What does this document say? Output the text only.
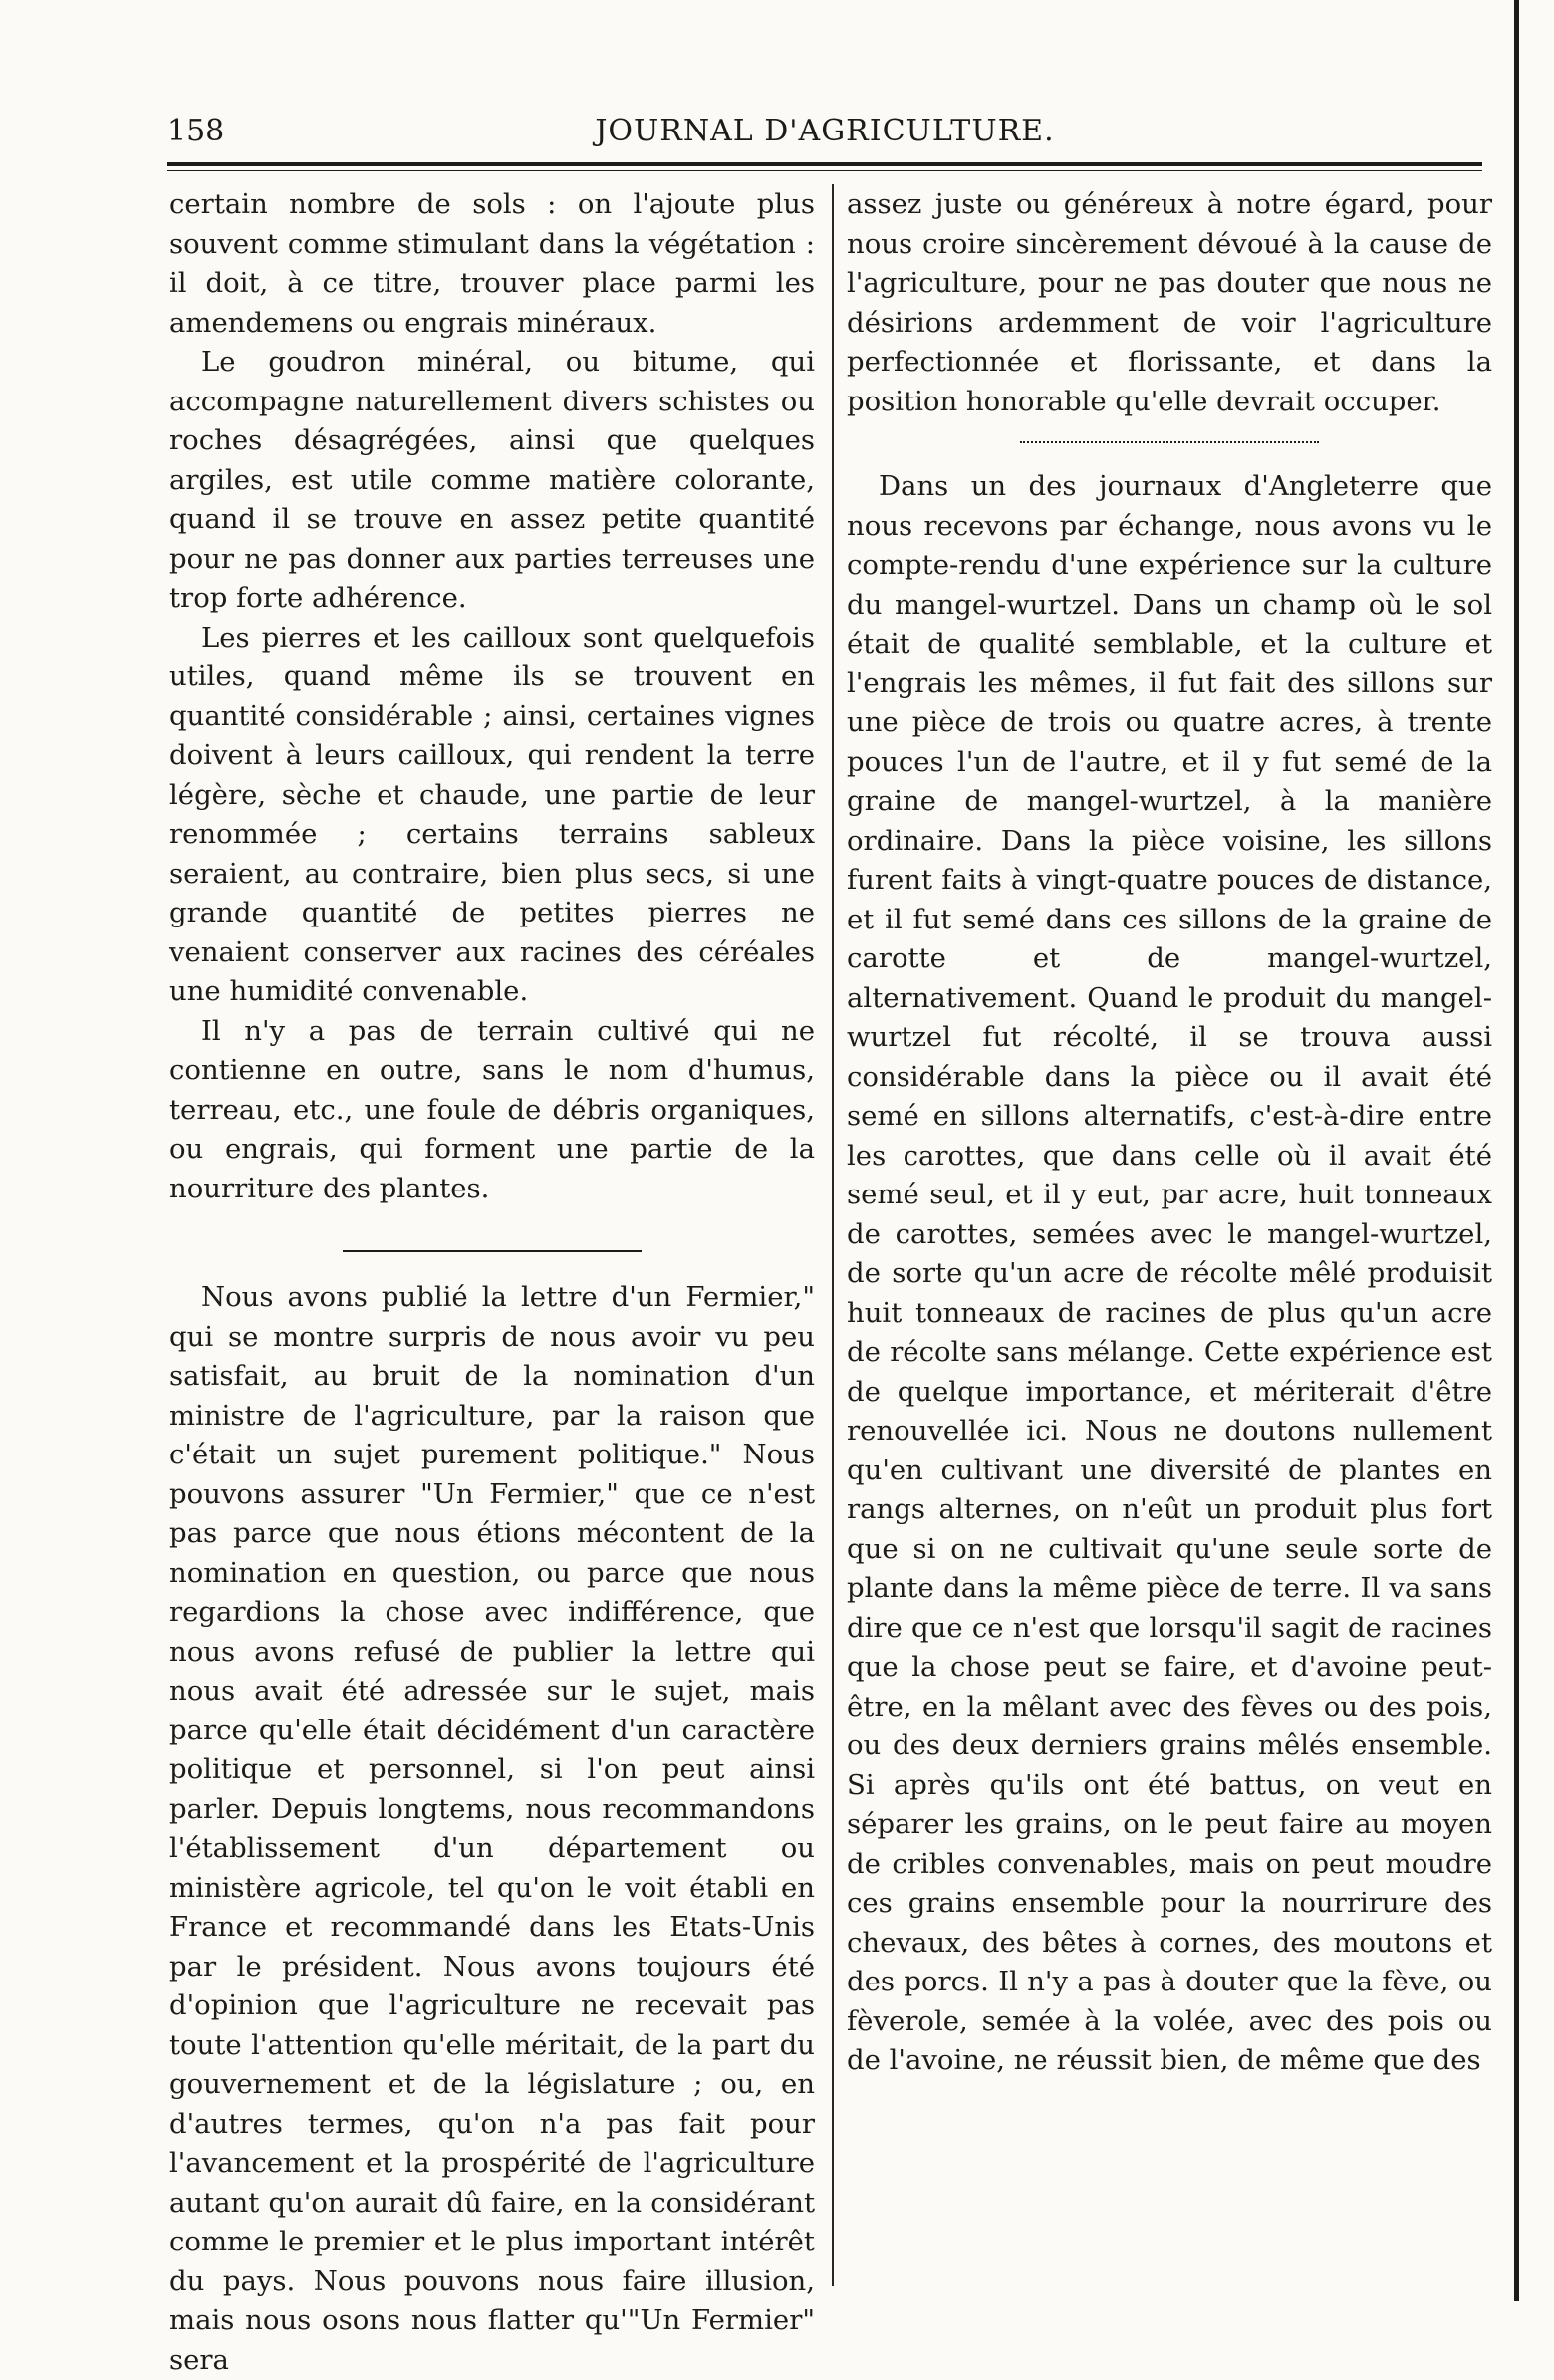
158	JOURNAL D'AGRICULTURE.

certain nombre de sols : on l'ajoute plus souvent comme stimulant dans la végétation : il doit, à ce titre, trouver place parmi les amendemens ou engrais minéraux.

Le goudron minéral, ou bitume, qui accompagne naturellement divers schistes ou roches désagrégées, ainsi que quelques argiles, est utile comme matière colorante, quand il se trouve en assez petite quantité pour ne pas donner aux parties terreuses une trop forte adhérence.

Les pierres et les cailloux sont quelquefois utiles, quand même ils se trouvent en quantité considérable ; ainsi, certaines vignes doivent à leurs cailloux, qui rendent la terre légère, sèche et chaude, une partie de leur renommée ; certains terrains sableux seraient, au contraire, bien plus secs, si une grande quantité de petites pierres ne venaient conserver aux racines des céréales une humidité convenable.

Il n'y a pas de terrain cultivé qui ne contienne en outre, sans le nom d'humus, terreau, etc., une foule de débris organiques, ou engrais, qui forment une partie de la nourriture des plantes.

Nous avons publié la lettre d'un Fermier," qui se montre surpris de nous avoir vu peu satisfait, au bruit de la nomination d'un ministre de l'agriculture, par la raison que c'était un sujet purement politique." Nous pouvons assurer "Un Fermier," que ce n'est pas parce que nous étions mécontent de la nomination en question, ou parce que nous regardions la chose avec indifférence, que nous avons refusé de publier la lettre qui nous avait été adressée sur le sujet, mais parce qu'elle était décidément d'un caractère politique et personnel, si l'on peut ainsi parler. Depuis longtems, nous recommandons l'établissement d'un département ou ministère agricole, tel qu'on le voit établi en France et recommandé dans les Etats-Unis par le président. Nous avons toujours été d'opinion que l'agriculture ne recevait pas toute l'attention qu'elle méritait, de la part du gouvernement et de la législature ; ou, en d'autres termes, qu'on n'a pas fait pour l'avancement et la prospérité de l'agriculture autant qu'on aurait dû faire, en la considérant comme le premier et le plus important intérêt du pays. Nous pouvons nous faire illusion, mais nous osons nous flatter qu'"Un Fermier" sera

assez juste ou généreux à notre égard, pour nous croire sincèrement dévoué à la cause de l'agriculture, pour ne pas douter que nous ne désirions ardemment de voir l'agriculture perfectionnée et florissante, et dans la position honorable qu'elle devrait occuper.

Dans un des journaux d'Angleterre que nous recevons par échange, nous avons vu le compte-rendu d'une expérience sur la culture du mangel-wurtzel. Dans un champ où le sol était de qualité semblable, et la culture et l'engrais les mêmes, il fut fait des sillons sur une pièce de trois ou quatre acres, à trente pouces l'un de l'autre, et il y fut semé de la graine de mangel-wurtzel, à la manière ordinaire. Dans la pièce voisine, les sillons furent faits à vingt-quatre pouces de distance, et il fut semé dans ces sillons de la graine de carotte et de mangel-wurtzel, alternativement. Quand le produit du mangel-wurtzel fut récolté, il se trouva aussi considérable dans la pièce ou il avait été semé en sillons alternatifs, c'est-à-dire entre les carottes, que dans celle où il avait été semé seul, et il y eut, par acre, huit tonneaux de carottes, semées avec le mangel-wurtzel, de sorte qu'un acre de récolte mêlé produisit huit tonneaux de racines de plus qu'un acre de récolte sans mélange. Cette expérience est de quelque importance, et mériterait d'être renouvellée ici. Nous ne doutons nullement qu'en cultivant une diversité de plantes en rangs alternes, on n'eût un produit plus fort que si on ne cultivait qu'une seule sorte de plante dans la même pièce de terre. Il va sans dire que ce n'est que lorsqu'il sagit de racines que la chose peut se faire, et d'avoine peut-être, en la mêlant avec des fèves ou des pois, ou des deux derniers grains mêlés ensemble. Si après qu'ils ont été battus, on veut en séparer les grains, on le peut faire au moyen de cribles convenables, mais on peut moudre ces grains ensemble pour la nourrirure des chevaux, des bêtes à cornes, des moutons et des porcs. Il n'y a pas à douter que la fève, ou fèverole, semée à la volée, avec des pois ou de l'avoine, ne réussit bien, de même que des
